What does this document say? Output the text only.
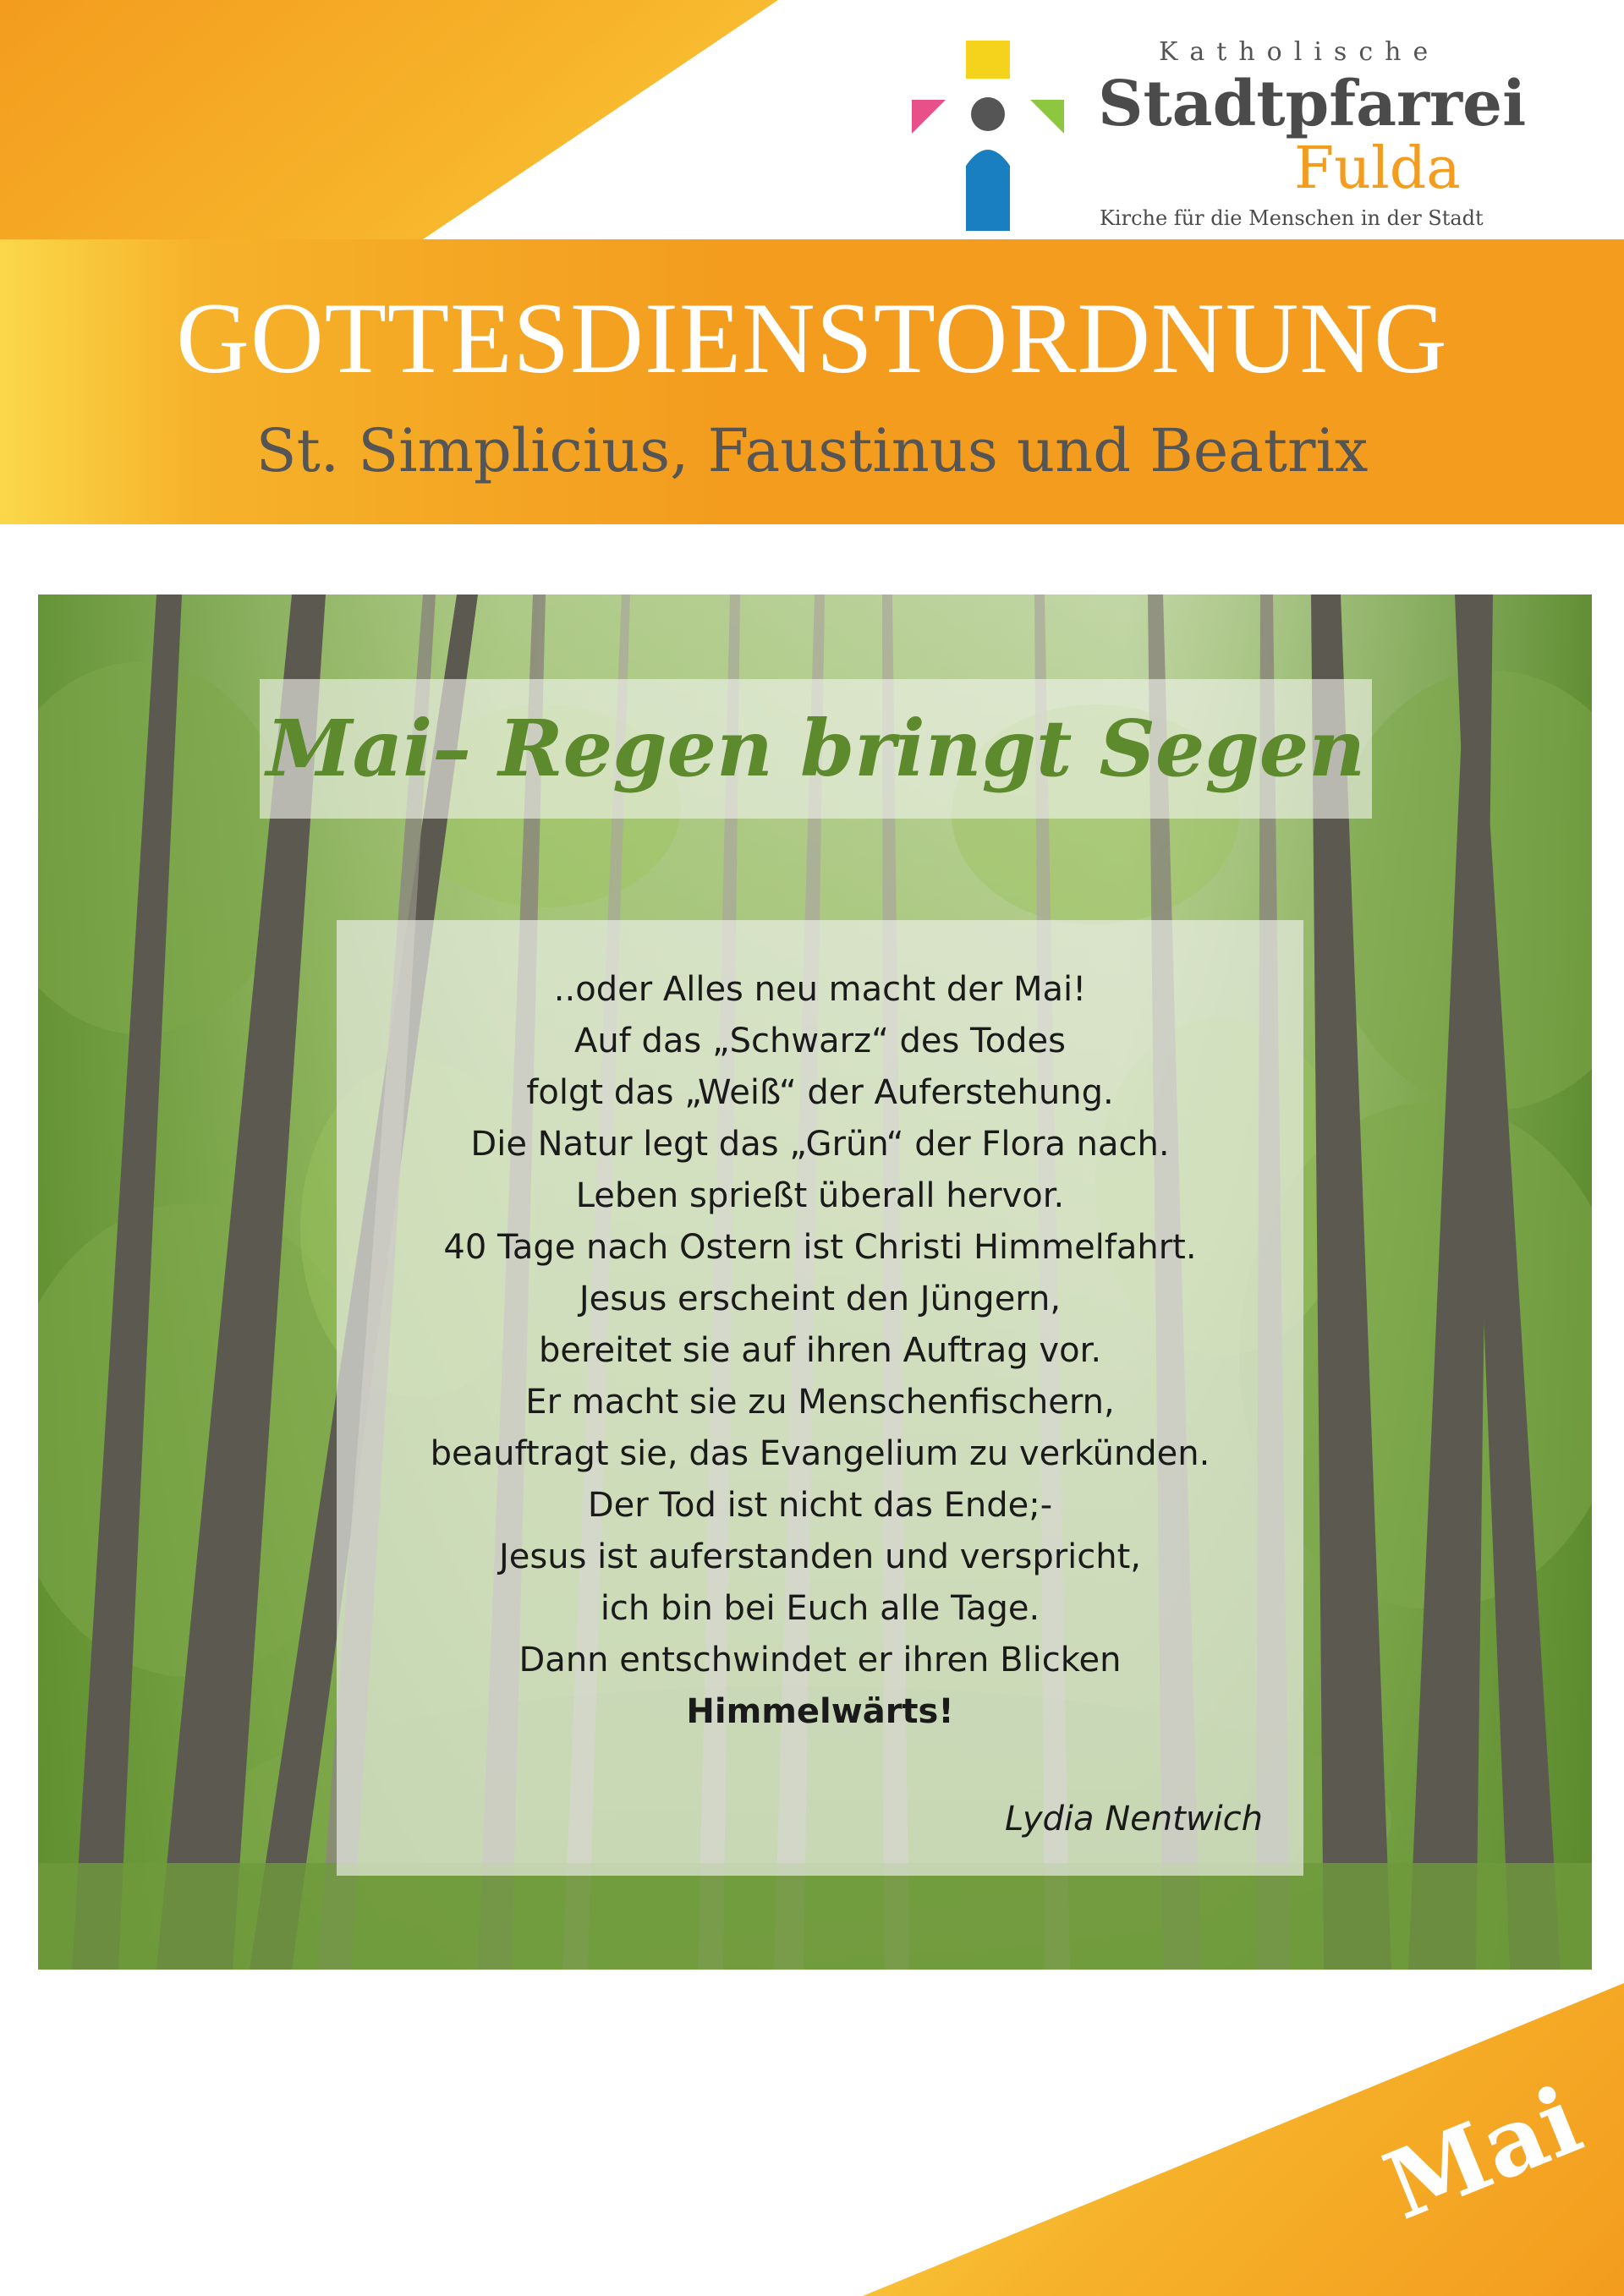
Katholische
Stadtpfarrei
Fulda
Kirche für die Menschen in der Stadt
GOTTESDIENSTORDNUNG
St. Simplicius, Faustinus und Beatrix
Mai– Regen bringt Segen
..oder Alles neu macht der Mai!
Auf das „Schwarz“ des Todes
folgt das „Weiß“ der Auferstehung.
Die Natur legt das „Grün“ der Flora nach.
Leben sprießt überall hervor.
40 Tage nach Ostern ist Christi Himmelfahrt.
Jesus erscheint den Jüngern,
bereitet sie auf ihren Auftrag vor.
Er macht sie zu Menschenfischern,
beauftragt sie, das Evangelium zu verkünden.
Der Tod ist nicht das Ende;-
Jesus ist auferstanden und verspricht,
ich bin bei Euch alle Tage.
Dann entschwindet er ihren Blicken
Himmelwärts!
Lydia Nentwich
Mai
